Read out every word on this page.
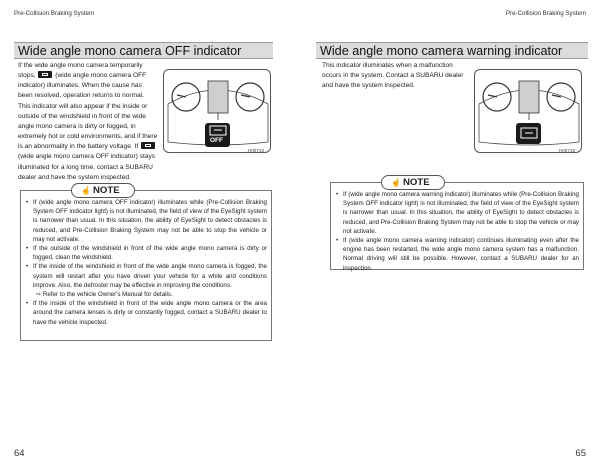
Pre-Collision Braking System	Pre-Collision Braking System
Wide angle mono camera OFF indicator
If the wide angle mono camera temporarily stops,	(wide angle mono camera OFF indicator) illuminates. When the cause has been resolved, operation returns to normal. This indicator will also appear if the inside or outside of the windshield in front of the wide angle mono camera is dirty or fogged, in extremely hot or cold environments, and if there is an abnormality in the battery voltage. If  (wide angle mono camera OFF indicator) stays illuminated for a long time, contact a SUBARU dealer and have the system inspected.
OFF
H00719
☝ NOTE
• If (wide angle mono camera OFF indicator) illuminates while (Pre-Collision Braking System OFF indicator light) is not illuminated, the field of view of the EyeSight system is narrower than usual. In this situation, the ability of EyeSight to detect obstacles is reduced, and Pre-Collision Braking System may not be able to stop the vehicle or may not activate.
• If the outside of the windshield in front of the wide angle mono camera is dirty or fogged, clean the windshield.
• If the inside of the windshield in front of the wide angle mono camera is fogged, the system will restart after you have driven your vehicle for a while and conditions improve. Also, the defroster may be effective in improving the conditions.
⇨ Refer to the vehicle Owner's Manual for details.
• If the inside of the windshield in front of the wide angle mono camera or the area around the camera lenses is dirty or constantly fogged, contact a SUBARU dealer to have the vehicle inspected.
64
Wide angle mono camera warning indicator
This indicator illuminates when a malfunction occurs in the system. Contact a SUBARU dealer and have the system inspected.
H00719
☝ NOTE
• If (wide angle mono camera warning indicator) illuminates while (Pre-Collision Braking System OFF indicator light) is not illuminated, the field of view of the EyeSight system is narrower than usual. In this situation, the ability of EyeSight to detect obstacles is reduced, and Pre-Collision Braking System may not be able to stop the vehicle or may not activate.
• If (wide angle mono camera warning indicator) continues illuminating even after the engine has been restarted, the wide angle mono camera system has a malfunction. Normal driving will still be possible. However, contact a SUBARU dealer for an inspection.
65
